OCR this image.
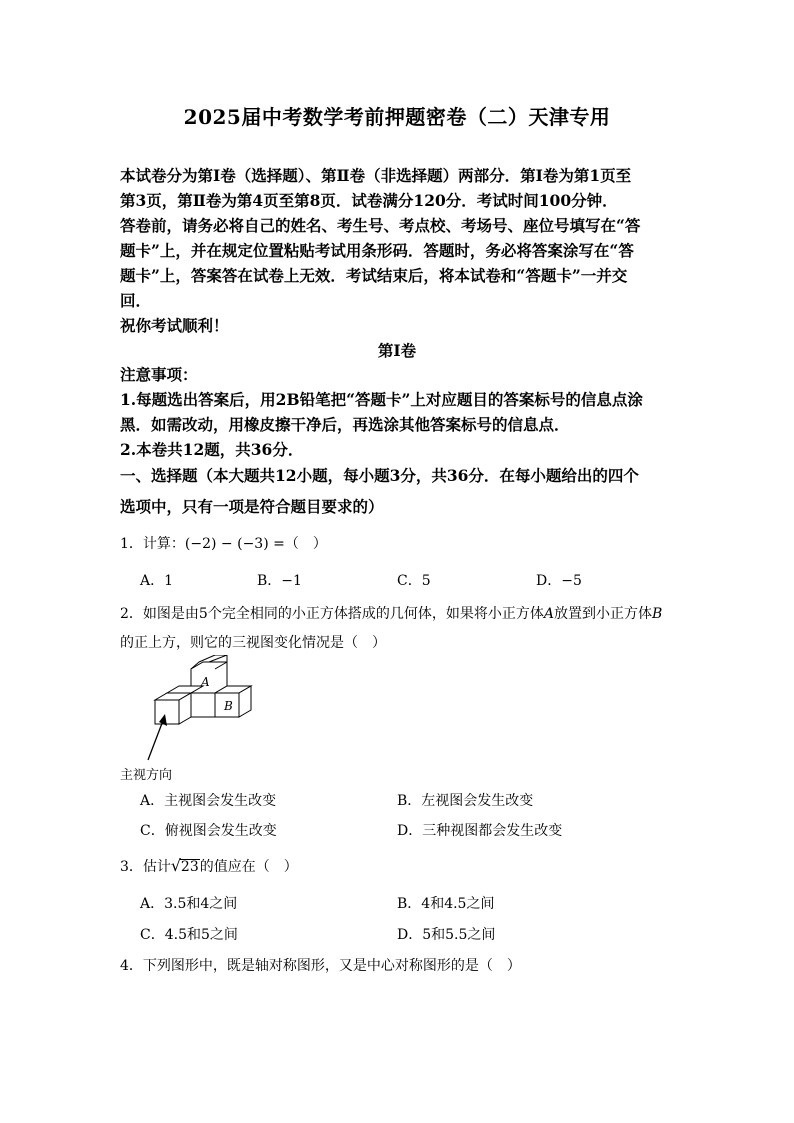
2025届中考数学考前押题密卷（二）天津专用
本试卷分为第Ⅰ卷（选择题）、第Ⅱ卷（非选择题）两部分．第Ⅰ卷为第1页至
第3页，第Ⅱ卷为第4页至第8页．试卷满分120分．考试时间100分钟．
答卷前，请务必将自己的姓名、考生号、考点校、考场号、座位号填写在“答
题卡”上，并在规定位置粘贴考试用条形码．答题时，务必将答案涂写在“答
题卡”上，答案答在试卷上无效．考试结束后，将本试卷和“答题卡”一并交
回．
祝你考试顺利！
第Ⅰ卷
注意事项：
1.每题选出答案后，用2B铅笔把“答题卡”上对应题目的答案标号的信息点涂
黑．如需改动，用橡皮擦干净后，再选涂其他答案标号的信息点．
2.本卷共12题，共36分．
一、选择题（本大题共12小题，每小题3分，共36分．在每小题给出的四个
选项中，只有一项是符合题目要求的）
1．计算：(−2) − (−3) =（　）
A．1	B．−1	C．5	D．−5
2．如图是由5个完全相同的小正方体搭成的几何体，如果将小正方体A放置到小正方体B
的正上方，则它的三视图变化情况是（　）
A
B
主视方向
A．主视图会发生改变	B．左视图会发生改变
C．俯视图会发生改变	D．三种视图都会发生改变
3．估计 √ 23的值应在（　）
A．3.5和4之间	B．4和4.5之间
C．4.5和5之间	D．5和5.5之间
4．下列图形中，既是轴对称图形，又是中心对称图形的是（　）
